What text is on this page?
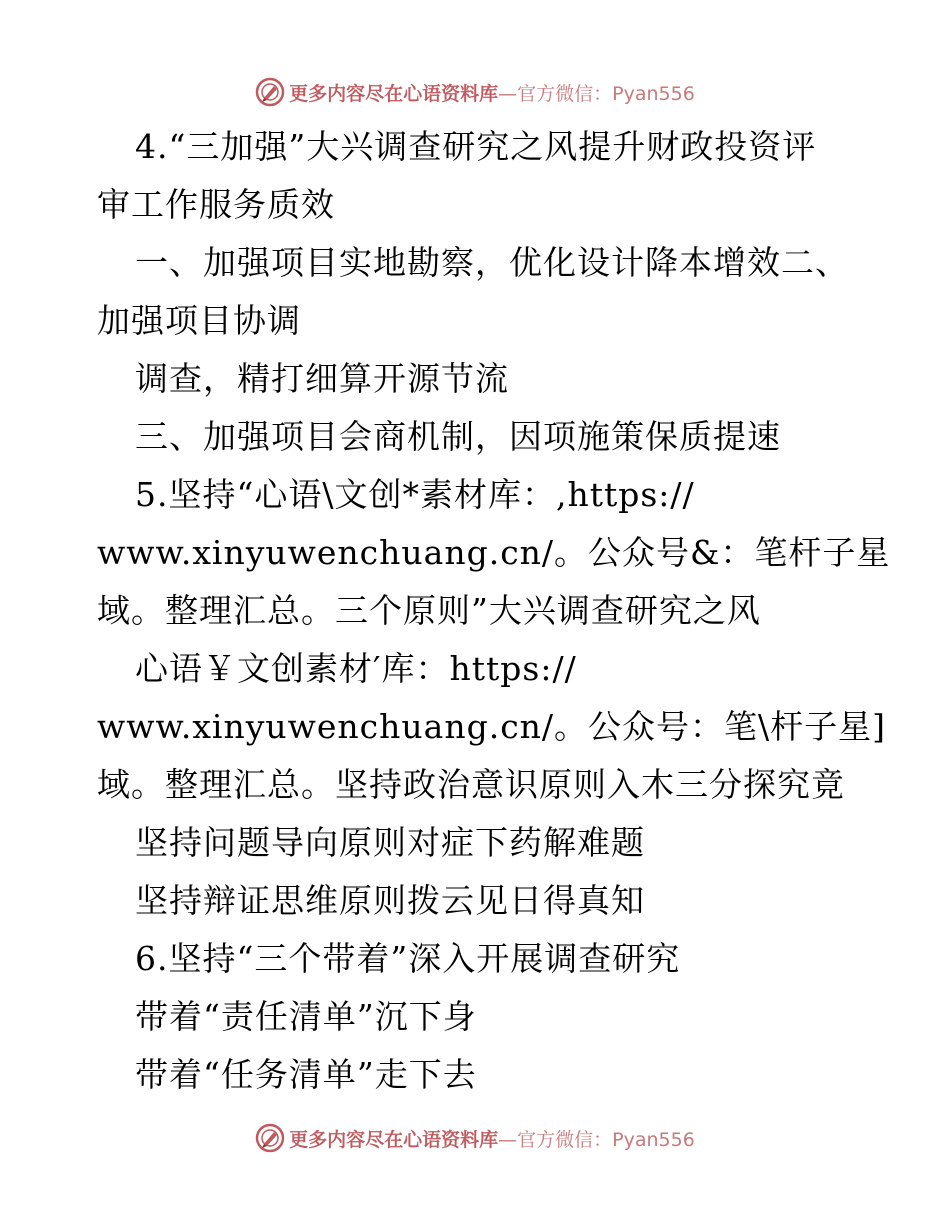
更多内容尽在心语资料库—官方微信：Pyan556
4.“三加强”大兴调查研究之风提升财政投资评
审工作服务质效
一、加强项目实地勘察，优化设计降本增效二、
加强项目协调
调查，精打细算开源节流
三、加强项目会商机制，因项施策保质提速
5.坚持“心语\文创*素材库：,https://
www.xinyuwenchuang.cn/。公众号&：笔杆子星
域。整理汇总。三个原则”大兴调查研究之风
心语￥文创素材′库：https://
www.xinyuwenchuang.cn/。公众号：笔\杆子星]
域。整理汇总。坚持政治意识原则入木三分探究竟
坚持问题导向原则对症下药解难题
坚持辩证思维原则拨云见日得真知
6.坚持“三个带着”深入开展调查研究
带着“责任清单”沉下身
带着“任务清单”走下去
更多内容尽在心语资料库—官方微信：Pyan556
